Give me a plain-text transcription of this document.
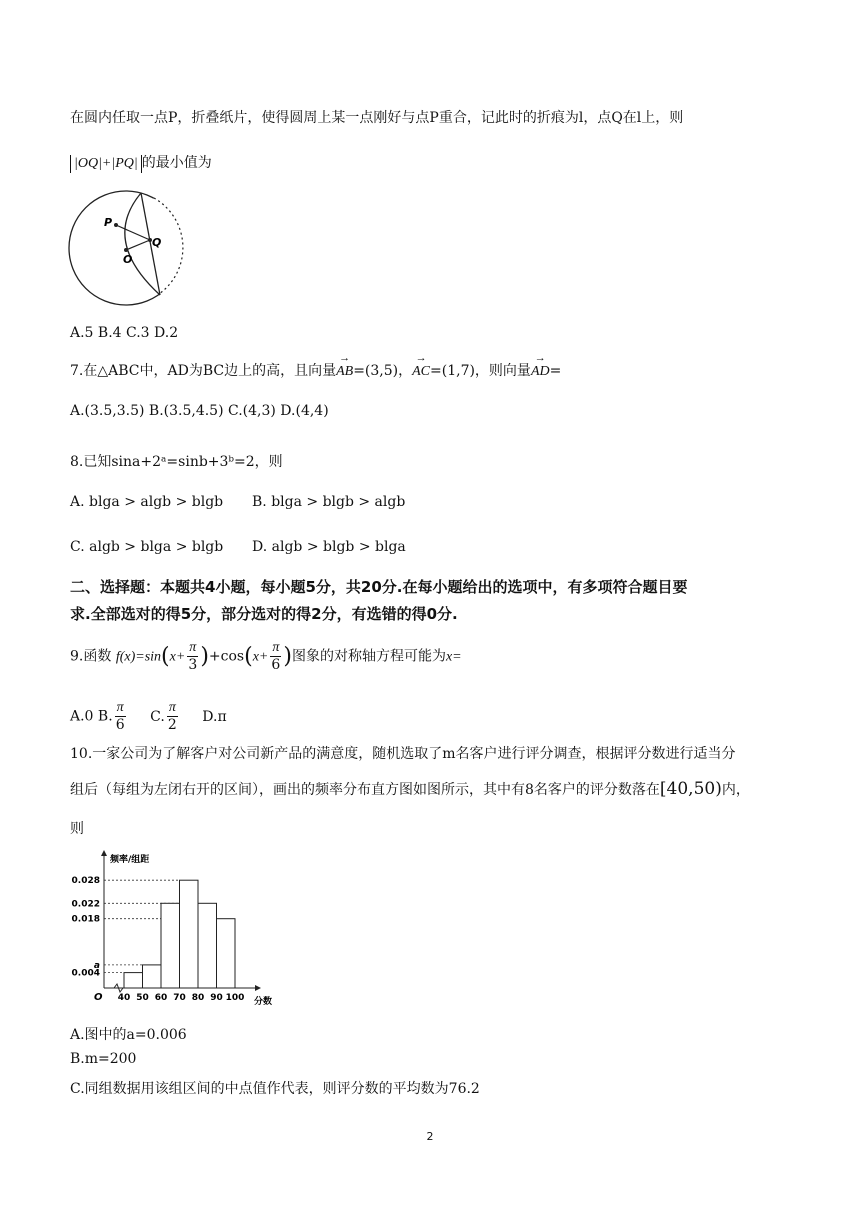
在圆内任取一点P，折叠纸片，使得圆周上某一点刚好与点P重合，记此时的折痕为l，点Q在l上，则
|OQ|+|PQ| 的最小值为
P
Q
O
A.5 B.4 C.3 D.2
7.在△ABC中，AD为BC边上的高，且向量→ AB=(3,5)，→ AC=(1,7)，则向量→ AD=
A.(3.5,3.5) B.(3.5,4.5) C.(4,3) D.(4,4)
8.已知sina+2ᵃ=sinb+3ᵇ=2，则
A. blga > algb > blgb B. blga > blgb > algb
C. algb > blga > blgb D. algb > blgb > blga
二、选择题：本题共4小题，每小题5分，共20分.在每小题给出的选项中，有多项符合题目要
求.全部选对的得5分，部分选对的得2分，有选错的得0分.
9.函数 $f(x)=\sin(x+ \frac{\pi}{3} )+\cos(x+ \frac{\pi}{6}$ )图象的对称轴方程可能为x=
A.0 B. $\frac{\pi}{6} C$. $\frac{\pi}{2} D.\pi$
10.一家公司为了解客户对公司新产品的满意度，随机选取了m名客户进行评分调查，根据评分数进行适当分
组后（每组为左闭右开的区间），画出的频率分布直方图如图所示，其中有8名客户的评分数落在[40,50)内，
则
频率/组距
分数
O
0.028
0.022
0.018
a
0.004
40 50 60 70 80 90 100
A.图中的a=0.006
B.m=200
C.同组数据用该组区间的中点值作代表，则评分数的平均数为76.2
2
